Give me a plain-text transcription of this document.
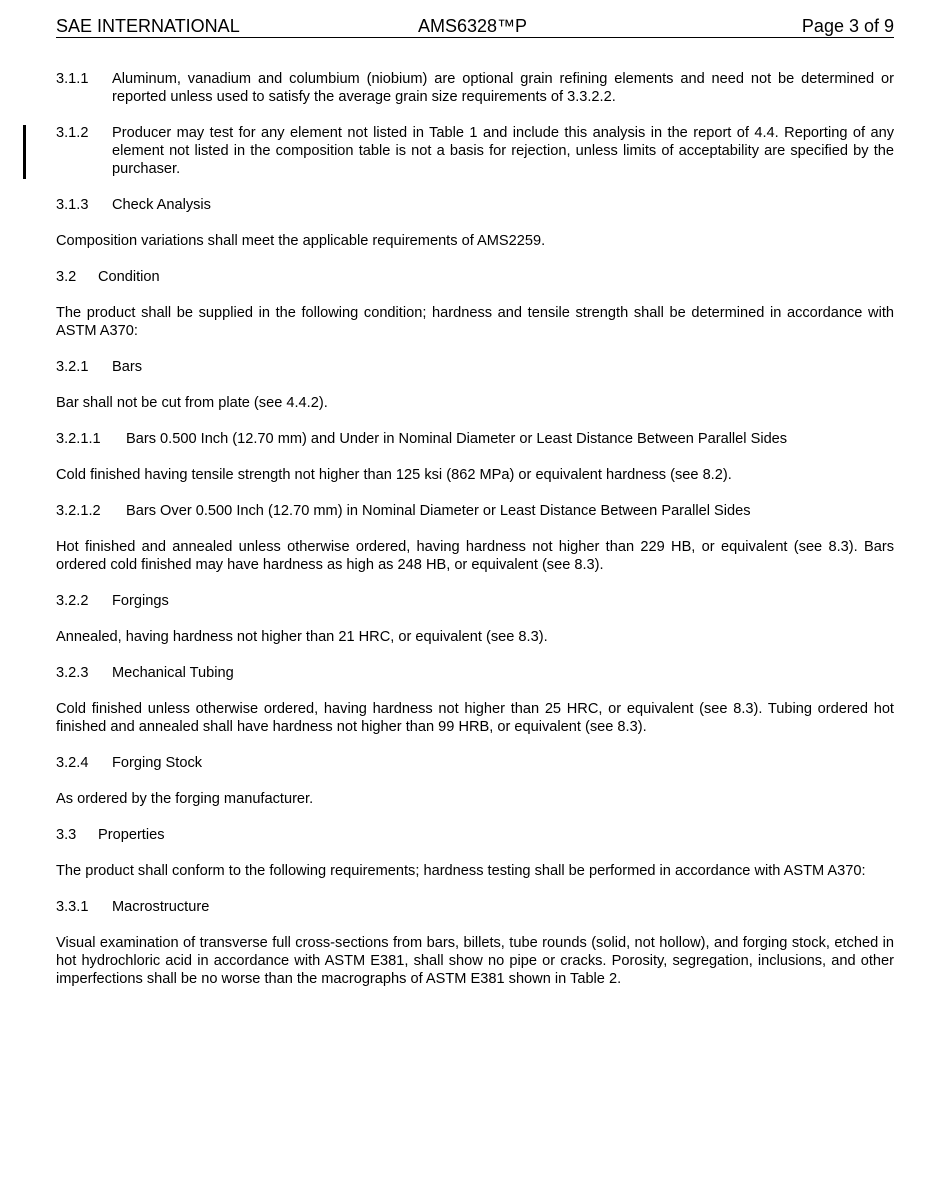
SAE INTERNATIONAL	AMS6328™P	Page 3 of 9
3.1.1	Aluminum, vanadium and columbium (niobium) are optional grain refining elements and need not be determined or reported unless used to satisfy the average grain size requirements of 3.3.2.2.
3.1.2	Producer may test for any element not listed in Table 1 and include this analysis in the report of 4.4. Reporting of any element not listed in the composition table is not a basis for rejection, unless limits of acceptability are specified by the purchaser.
3.1.3	Check Analysis

Composition variations shall meet the applicable requirements of AMS2259.

3.2	Condition

The product shall be supplied in the following condition; hardness and tensile strength shall be determined in accordance with ASTM A370:

3.2.1	Bars

Bar shall not be cut from plate (see 4.4.2).

3.2.1.1	Bars 0.500 Inch (12.70 mm) and Under in Nominal Diameter or Least Distance Between Parallel Sides

Cold finished having tensile strength not higher than 125 ksi (862 MPa) or equivalent hardness (see 8.2).

3.2.1.2	Bars Over 0.500 Inch (12.70 mm) in Nominal Diameter or Least Distance Between Parallel Sides

Hot finished and annealed unless otherwise ordered, having hardness not higher than 229 HB, or equivalent (see 8.3). Bars ordered cold finished may have hardness as high as 248 HB, or equivalent (see 8.3).

3.2.2	Forgings

Annealed, having hardness not higher than 21 HRC, or equivalent (see 8.3).

3.2.3	Mechanical Tubing

Cold finished unless otherwise ordered, having hardness not higher than 25 HRC, or equivalent (see 8.3). Tubing ordered hot finished and annealed shall have hardness not higher than 99 HRB, or equivalent (see 8.3).

3.2.4	Forging Stock

As ordered by the forging manufacturer.

3.3	Properties

The product shall conform to the following requirements; hardness testing shall be performed in accordance with ASTM A370:

3.3.1	Macrostructure

Visual examination of transverse full cross-sections from bars, billets, tube rounds (solid, not hollow), and forging stock, etched in hot hydrochloric acid in accordance with ASTM E381, shall show no pipe or cracks. Porosity, segregation, inclusions, and other imperfections shall be no worse than the macrographs of ASTM E381 shown in Table 2.
